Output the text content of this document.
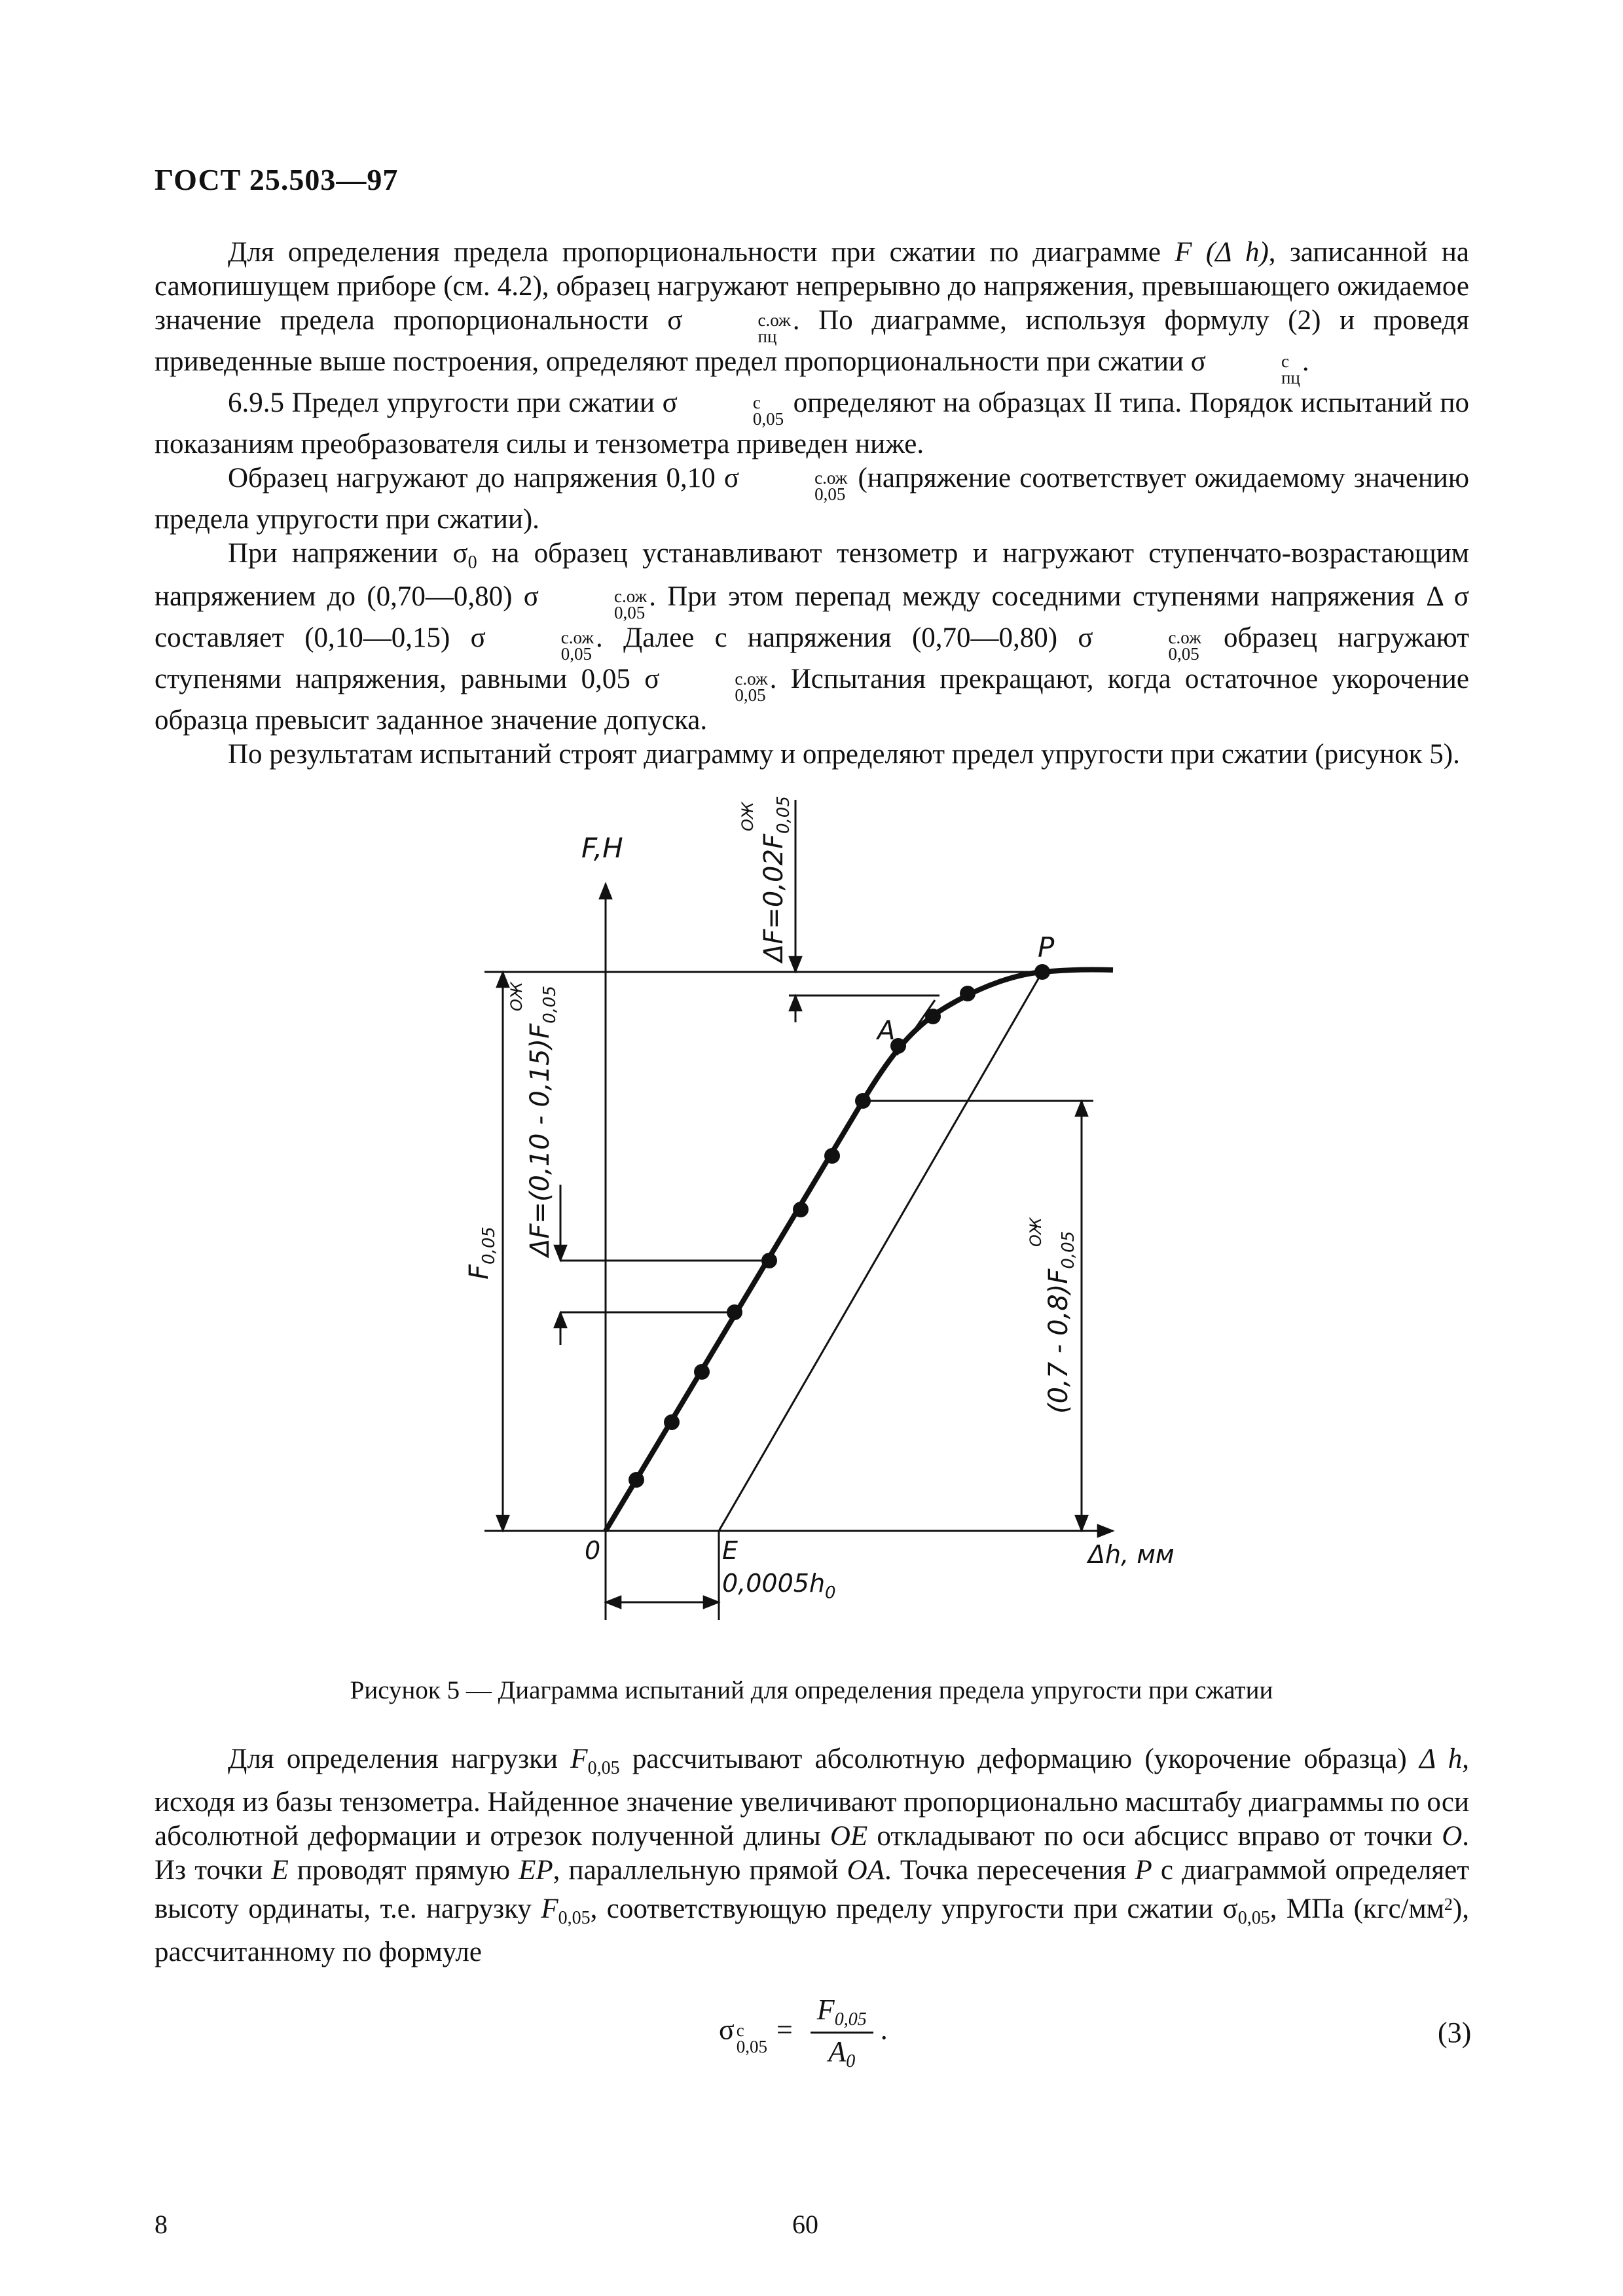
ГОСТ 25.503—97

Для определения предела пропорциональности при сжатии по диаграмме F (Δ h), записанной на самопишущем приборе (см. 4.2), образец нагружают непрерывно до напряжения, превышающего ожидаемое значение предела пропорциональности σ	с.ож
пц
. По диаграмме, используя формулу (2) и проведя приведенные выше построения, определяют предел пропорциональности при сжатии σ	с
пц
.

6.9.5 Предел упругости при сжатии σ	с
0,05
определяют на образцах II типа. Порядок испытаний по показаниям преобразователя силы и тензометра приведен ниже.

Образец нагружают до напряжения 0,10 σ	с.ож
0,05
(напряжение соответствует ожидаемому значению предела упругости при сжатии).

При напряжении $\sigma_0$ на образец устанавливают тензометр и нагружают ступенчато-возрастающим напряжением до (0,70—0,80) σ	с.ож
0,05
. При этом перепад между соседними ступенями напряжения Δ σ составляет (0,10—0,15) σ	с.ож
0,05
. Далее с напряжения (0,70—0,80) σ	с.ож
0,05
образец нагружают ступенями напряжения, равными 0,05 σ	с.ож
0,05
. Испытания прекращают, когда остаточное укорочение образца превысит заданное значение допуска.

По результатам испытаний строят диаграмму и определяют предел упругости при сжатии (рисунок 5).

F,H
Δh, мм
0	E
$0,0005h_0$
P
A
$\Delta F=0,02F_{0,05}$
ОЖ
$\Delta F=(0,10 - 0,15)F_{0,05}$
ОЖ
$F_{0,05}$
$(0,7 - 0,8)F_{0,05}$
ОЖ
Рисунок 5 — Диаграмма испытаний для определения предела упругости при сжатии

Для определения нагрузки $F_{0,05}$ рассчитывают абсолютную деформацию (укорочение образца) Δ h, исходя из базы тензометра. Найденное значение увеличивают пропорционально масштабу диаграммы по оси абсолютной деформации и отрезок полученной длины OE откладывают по оси абсцисс вправо от точки O. Из точки E проводят прямую EP, параллельную прямой OA. Точка пересечения P с диаграммой определяет высоту ординаты, т.е. нагрузку $F_{0,05}$, соответствующую пределу упругости при сжатии $\sigma_{0,05}$, МПа $(кгс/мм^2)$, рассчитанному по формуле

σ с
0,05
= $\frac{F_{0,05}}{A_0}$ .	(3)
8	60
